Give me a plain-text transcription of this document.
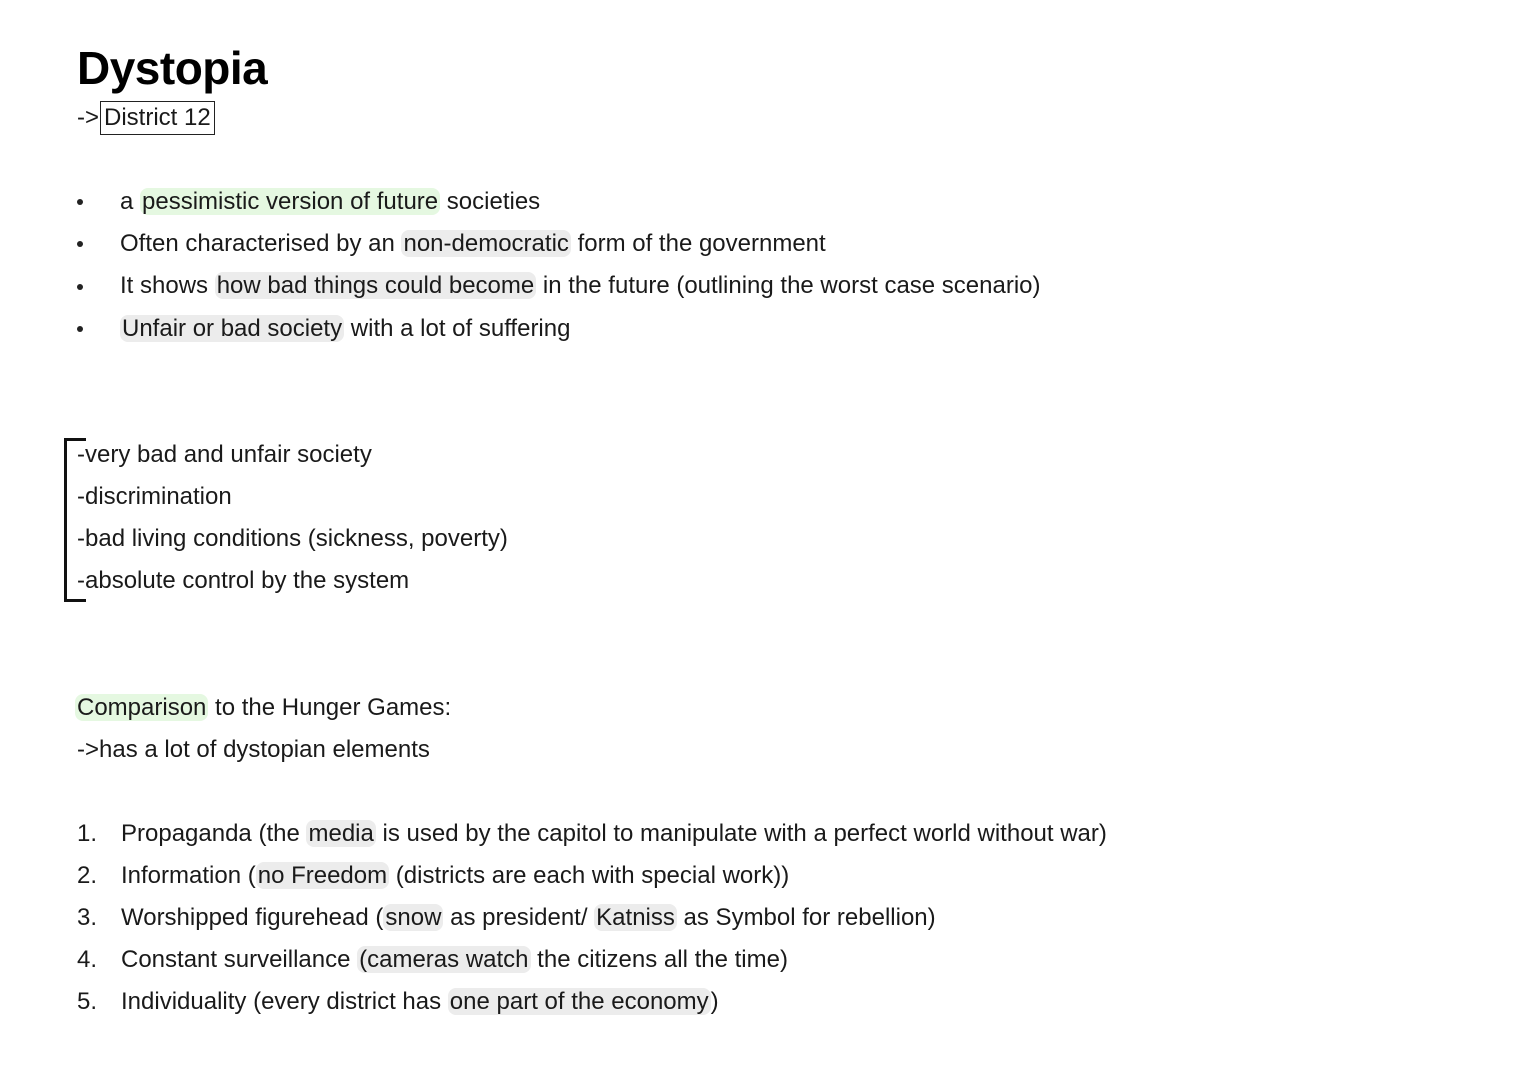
Dystopia
-> District 12
a pessimistic version of future societies
Often characterised by an non-democratic form of the government
It shows how bad things could become in the future (outlining the worst case scenario)
Unfair or bad society with a lot of suffering
-very bad and unfair society
-discrimination
-bad living conditions (sickness, poverty)
-absolute control by the system
Comparison to the Hunger Games:
->has a lot of dystopian elements
1. Propaganda (the media is used by the capitol to manipulate with a perfect world without war)
2. Information (no Freedom (districts are each with special work))
3. Worshipped figurehead (snow as president/ Katniss as Symbol for rebellion)
4. Constant surveillance (cameras watch the citizens all the time)
5. Individuality (every district has one part of the economy)
